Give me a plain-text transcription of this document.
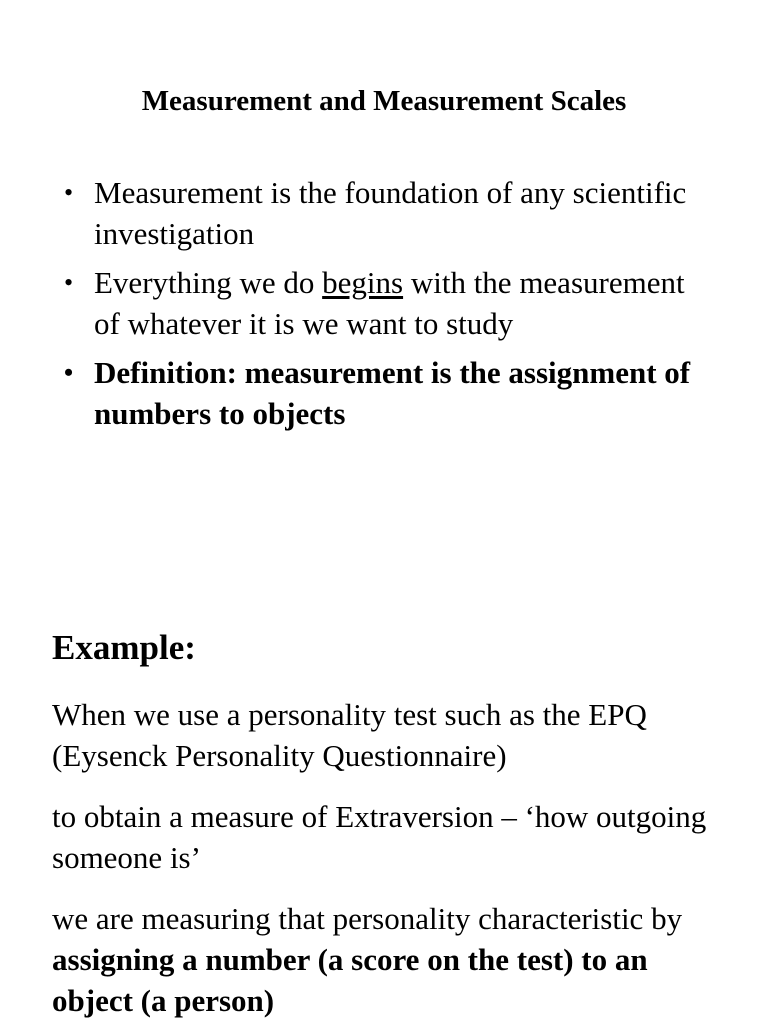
Measurement and Measurement Scales
• Measurement is the foundation of any scientific investigation
• Everything we do begins with the measurement of whatever it is we want to study
• Definition: measurement is the assignment of numbers to objects
Example:

When we use a personality test such as the EPQ (Eysenck Personality Questionnaire)

to obtain a measure of Extraversion – ‘how outgoing someone is’

we are measuring that personality characteristic by assigning a number (a score on the test) to an object (a person)
